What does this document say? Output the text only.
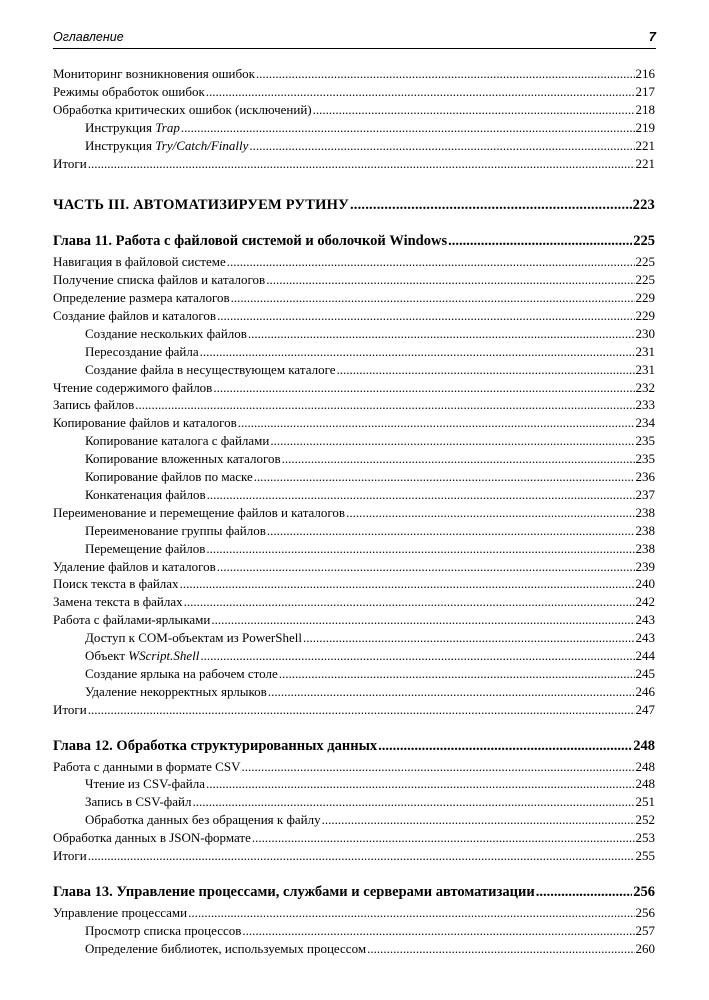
Оглавление	7
Мониторинг возникновения ошибок .....	216
Режимы обработок ошибок .....	217
Обработка критических ошибок (исключений) .....	218
Инструкция Trap .....	219
Инструкция Try/Catch/Finally .....	221
Итоги .....	221
ЧАСТЬ III. АВТОМАТИЗИРУЕМ РУТИНУ .....	223
Глава 11. Работа с файловой системой и оболочкой Windows .....	225
Навигация в файловой системе .....	225
Получение списка файлов и каталогов .....	225
Определение размера каталогов .....	229
Создание файлов и каталогов .....	229
Создание нескольких файлов .....	230
Пересоздание файла .....	231
Создание файла в несуществующем каталоге .....	231
Чтение содержимого файлов .....	232
Запись файлов .....	233
Копирование файлов и каталогов .....	234
Копирование каталога с файлами .....	235
Копирование вложенных каталогов .....	235
Копирование файлов по маске .....	236
Конкатенация файлов .....	237
Переименование и перемещение файлов и каталогов .....	238
Переименование группы файлов .....	238
Перемещение файлов .....	238
Удаление файлов и каталогов .....	239
Поиск текста в файлах .....	240
Замена текста в файлах .....	242
Работа с файлами-ярлыками .....	243
Доступ к COM-объектам из PowerShell .....	243
Объект WScript.Shell .....	244
Создание ярлыка на рабочем столе .....	245
Удаление некорректных ярлыков .....	246
Итоги .....	247
Глава 12. Обработка структурированных данных .....	248
Работа с данными в формате CSV .....	248
Чтение из CSV-файла .....	248
Запись в CSV-файл .....	251
Обработка данных без обращения к файлу .....	252
Обработка данных в JSON-формате .....	253
Итоги .....	255
Глава 13. Управление процессами, службами и серверами автоматизации .....	256
Управление процессами .....	256
Просмотр списка процессов .....	257
Определение библиотек, используемых процессом .....	260
